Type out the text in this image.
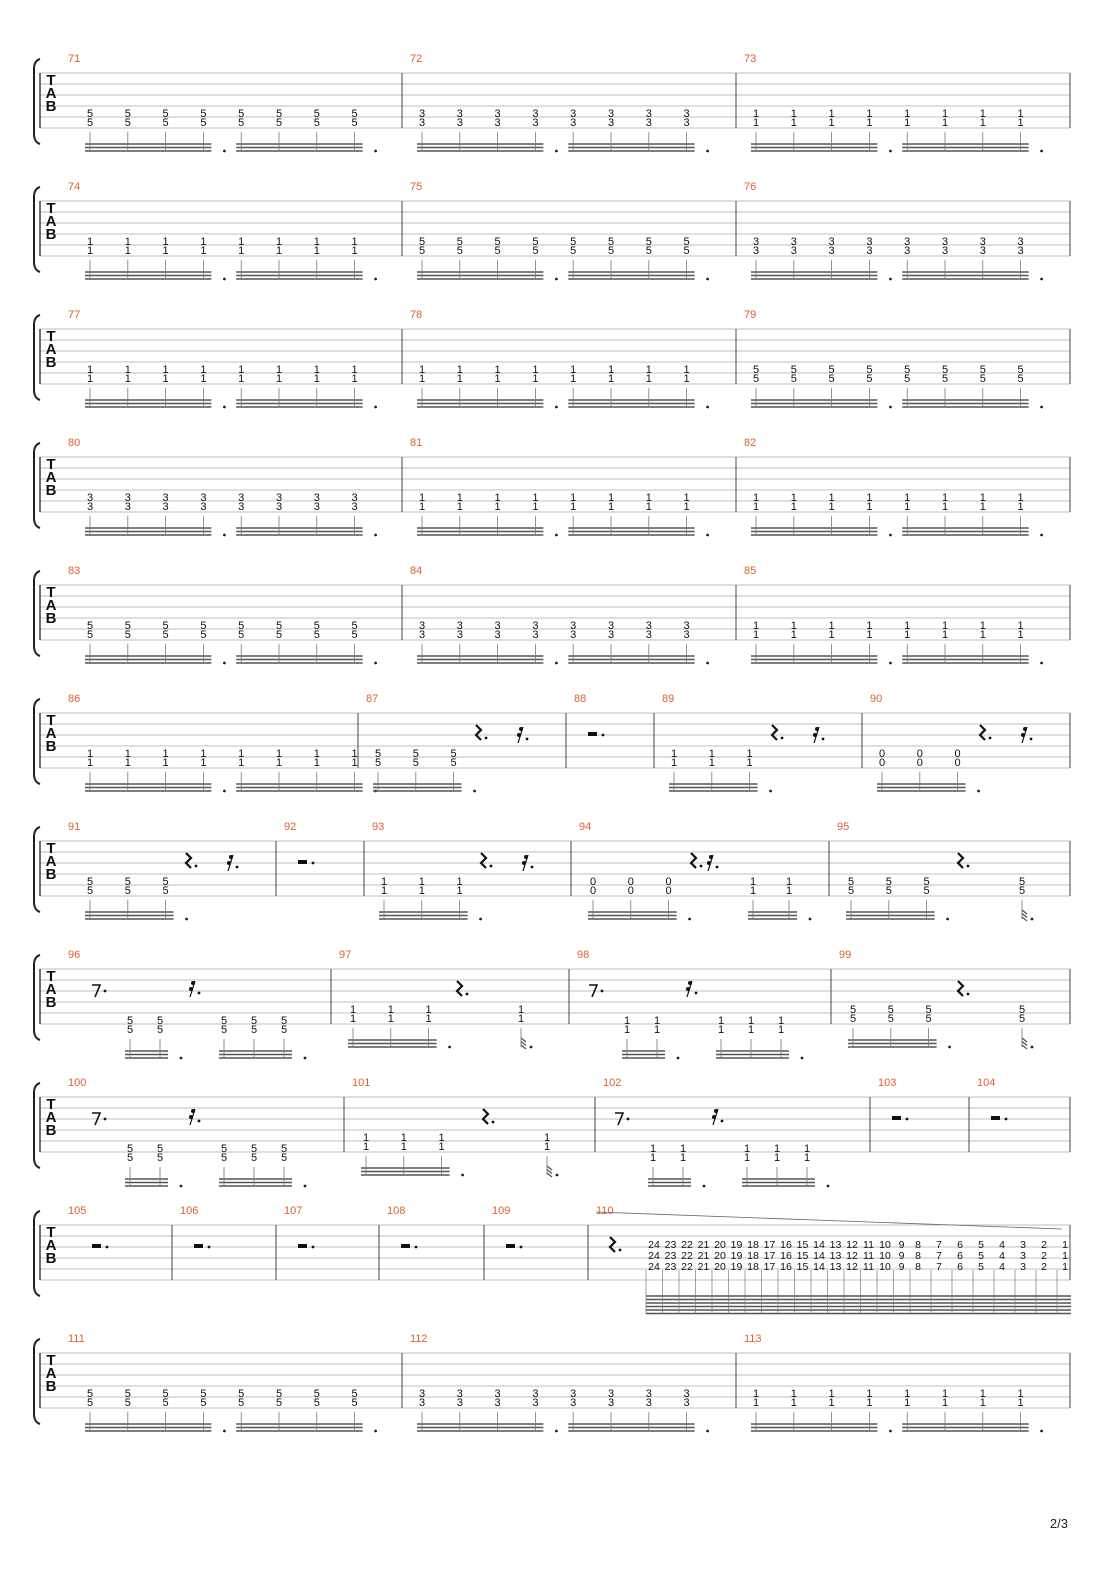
T
A
B
71
5
5
5
5
5
5
5
5
5
5
5
5
5
5
5
5
72
3
3
3
3
3
3
3
3
3
3
3
3
3
3
3
3
73
1
1
1
1
1
1
1
1
1
1
1
1
1
1
1
1
T
A
B
74
1
1
1
1
1
1
1
1
1
1
1
1
1
1
1
1
75
5
5
5
5
5
5
5
5
5
5
5
5
5
5
5
5
76
3
3
3
3
3
3
3
3
3
3
3
3
3
3
3
3
T
A
B
77
1
1
1
1
1
1
1
1
1
1
1
1
1
1
1
1
78
1
1
1
1
1
1
1
1
1
1
1
1
1
1
1
1
79
5
5
5
5
5
5
5
5
5
5
5
5
5
5
5
5
T
A
B
80
3
3
3
3
3
3
3
3
3
3
3
3
3
3
3
3
81
1
1
1
1
1
1
1
1
1
1
1
1
1
1
1
1
82
1
1
1
1
1
1
1
1
1
1
1
1
1
1
1
1
T
A
B
83
5
5
5
5
5
5
5
5
5
5
5
5
5
5
5
5
84
3
3
3
3
3
3
3
3
3
3
3
3
3
3
3
3
85
1
1
1
1
1
1
1
1
1
1
1
1
1
1
1
1
T
A
B
86
1
1
1
1
1
1
1
1
1
1
1
1
1
1
1
1
87
5
5
5
5
5
5
88	89
1
1
1
1
1
1
90
0
0
0
0
0
0
T
A
B
91
5
5
5
5
5
5
92	93
1
1
1
1
1
1
94
0
0
0
0
0
0
1
1
1
1
95
5
5
5
5
5
5
5
5
T
A
B
96
5
5
5
5
5
5
5
5
5
5
97
1
1
1
1
1
1
1
1
98
1
1
1
1
1
1
1
1
1
1
99
5
5
5
5
5
5
5
5
T
A
B
100
5
5
5
5
5
5
5
5
5
5
101
1
1
1
1
1
1
1
1
102
1
1
1
1
1
1
1
1
1
1
103	104
T
A
B
105	106	107	108	109	110
24
24
24
23
23
23
22
22
22
21
21
21
20
20
20
19
19
19
18
18
18
17
17
17
16
16
16
15
15
15
14
14
14
13
13
13
12
12
12
11
11
11
10
10
10
9
9
9
8
8
8
7
7
7
6
6
6
5
5
5
4
4
4
3
3
3
2
2
2
1
1
1
T
A
B
111
5
5
5
5
5
5
5
5
5
5
5
5
5
5
5
5
112
3
3
3
3
3
3
3
3
3
3
3
3
3
3
3
3
113
1
1
1
1
1
1
1
1
1
1
1
1
1
1
1
1
2/3
